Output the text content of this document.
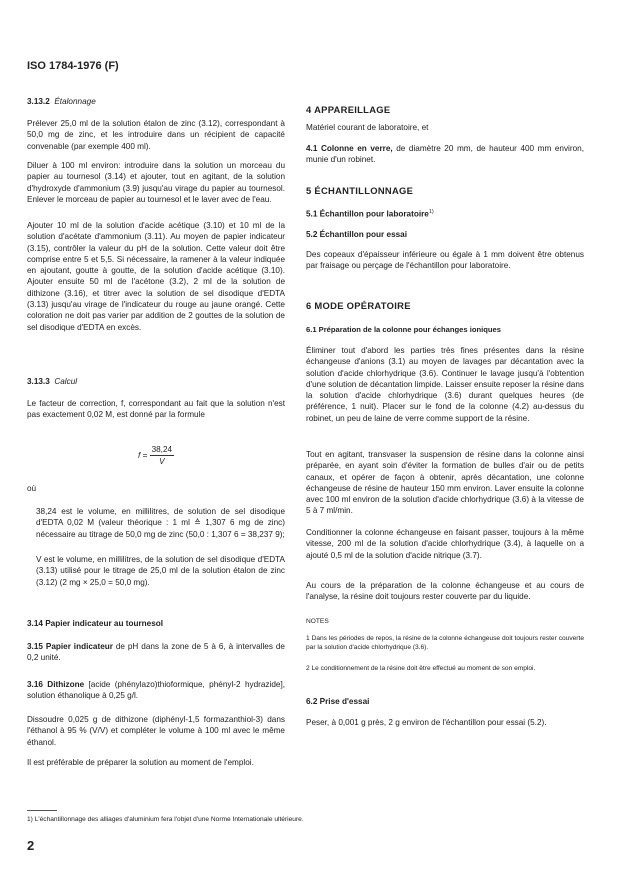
ISO 1784-1976 (F)
3.13.2 Étalonnage
Prélever 25,0 ml de la solution étalon de zinc (3.12), correspondant à 50,0 mg de zinc, et les introduire dans un récipient de capacité convenable (par exemple 400 ml).
Diluer à 100 ml environ: introduire dans la solution un morceau du papier au tournesol (3.14) et ajouter, tout en agitant, de la solution d'hydroxyde d'ammonium (3.9) jusqu'au virage du papier au tournesol. Enlever le morceau de papier au tournesol et le laver avec de l'eau.
Ajouter 10 ml de la solution d'acide acétique (3.10) et 10 ml de la solution d'acétate d'ammonium (3.11). Au moyen de papier indicateur (3.15), contrôler la valeur du pH de la solution. Cette valeur doit être comprise entre 5 et 5,5. Si nécessaire, la ramener à la valeur indiquée en ajoutant, goutte à goutte, de la solution d'acide acétique (3.10). Ajouter ensuite 50 ml de l'acétone (3.2), 2 ml de la solution de dithizone (3.16), et titrer avec la solution de sel disodique d'EDTA (3.13) jusqu'au virage de l'indicateur du rouge au jaune orangé. Cette coloration ne doit pas varier par addition de 2 gouttes de la solution de sel disodique d'EDTA en excès.
3.13.3 Calcul
Le facteur de correction, f, correspondant au fait que la solution n'est pas exactement 0,02 M, est donné par la formule
$f = \frac{38,24}{V}$
où
38,24 est le volume, en millilitres, de solution de sel disodique d'EDTA 0,02 M (valeur théorique : 1 ml ≙ 1,307 6 mg de zinc) nécessaire au titrage de 50,0 mg de zinc (50,0 : 1,307 6 = 38,237 9);
V est le volume, en millilitres, de la solution de sel disodique d'EDTA (3.13) utilisé pour le titrage de 25,0 ml de la solution étalon de zinc (3.12) (2 mg × 25,0 = 50,0 mg).
3.14 Papier indicateur au tournesol
3.15 Papier indicateur de pH dans la zone de 5 à 6, à intervalles de 0,2 unité.
3.16 Dithizone [acide (phénylazo)thioformique, phényl-2 hydrazide], solution éthanolique à 0,25 g/l.
Dissoudre 0,025 g de dithizone (diphényl-1,5 formazanthiol-3) dans l'éthanol à 95 % (V/V) et compléter le volume à 100 ml avec le même éthanol.
Il est préférable de préparer la solution au moment de l'emploi.
4 APPAREILLAGE
Matériel courant de laboratoire, et
4.1 Colonne en verre, de diamètre 20 mm, de hauteur 400 mm environ, munie d'un robinet.
5 ÉCHANTILLONNAGE
5.1 Échantillon pour laboratoire$^{1)}$
5.2 Échantillon pour essai
Des copeaux d'épaisseur inférieure ou égale à 1 mm doivent être obtenus par fraisage ou perçage de l'échantillon pour laboratoire.
6 MODE OPÉRATOIRE
6.1 Préparation de la colonne pour échanges ioniques
Éliminer tout d'abord les parties très fines présentes dans la résine échangeuse d'anions (3.1) au moyen de lavages par décantation avec la solution d'acide chlorhydrique (3.6). Continuer le lavage jusqu'à l'obtention d'une solution de décantation limpide. Laisser ensuite reposer la résine dans la solution d'acide chlorhydrique (3.6) durant quelques heures (de préférence, 1 nuit). Placer sur le fond de la colonne (4.2) au-dessus du robinet, un peu de laine de verre comme support de la résine.
Tout en agitant, transvaser la suspension de résine dans la colonne ainsi préparée, en ayant soin d'éviter la formation de bulles d'air ou de petits canaux, et opérer de façon à obtenir, après décantation, une colonne échangeuse de résine de hauteur 150 mm environ. Laver ensuite la colonne avec 100 ml environ de la solution d'acide chlorhydrique (3.6) à la vitesse de 5 à 7 ml/min.
Conditionner la colonne échangeuse en faisant passer, toujours à la même vitesse, 200 ml de la solution d'acide chlorhydrique (3.4), à laquelle on a ajouté 0,5 ml de la solution d'acide nitrique (3.7).
Au cours de la préparation de la colonne échangeuse et au cours de l'analyse, la résine doit toujours rester couverte par du liquide.
NOTES
1 Dans les périodes de repos, la résine de la colonne échangeuse doit toujours rester couverte par la solution d'acide chlorhydrique (3.6).
2 Le conditionnement de la résine doit être effectué au moment de son emploi.
6.2 Prise d'essai
Peser, à 0,001 g près, 2 g environ de l'échantillon pour essai (5.2).
1) L'échantillonnage des alliages d'aluminium fera l'objet d'une Norme Internationale ultérieure.
2
